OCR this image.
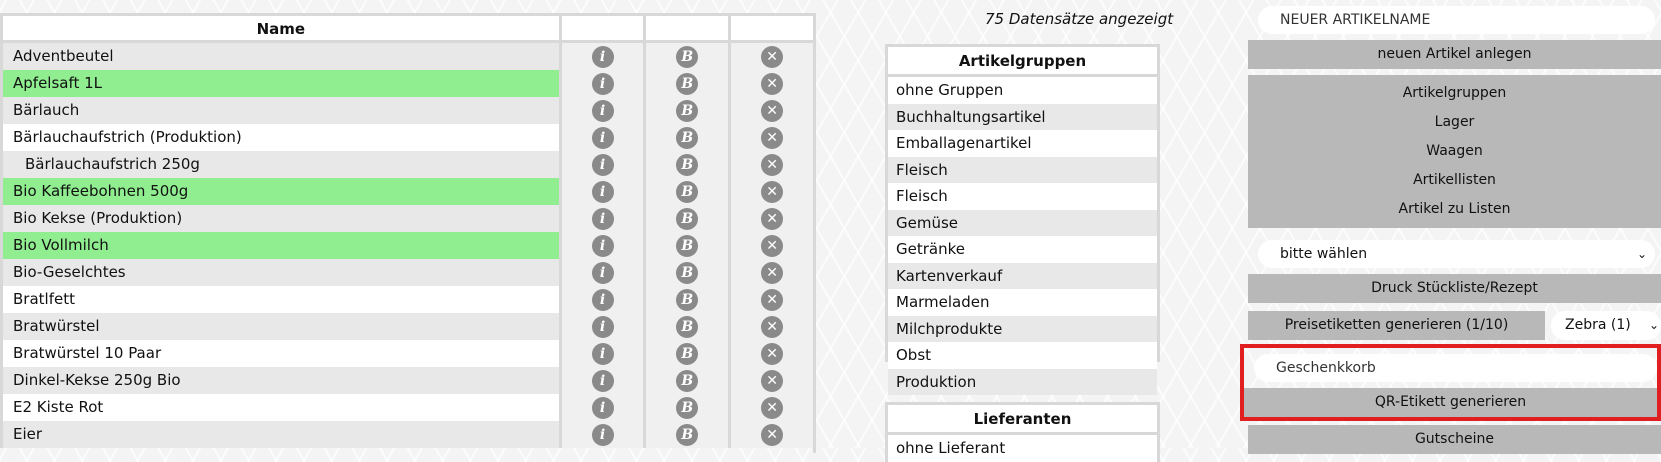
Name
Adventbeutel	i	B	✕
Apfelsaft 1L	i	B	✕
Bärlauch	i	B	✕
Bärlauchaufstrich (Produktion)	i	B	✕
Bärlauchaufstrich 250g	i	B	✕
Bio Kaffeebohnen 500g	i	B	✕
Bio Kekse (Produktion)	i	B	✕
Bio Vollmilch	i	B	✕
Bio-Geselchtes	i	B	✕
Bratlfett	i	B	✕
Bratwürstel	i	B	✕
Bratwürstel 10 Paar	i	B	✕
Dinkel-Kekse 250g Bio	i	B	✕
E2 Kiste Rot	i	B	✕
Eier	i	B	✕
75 Datensätze angezeigt
Artikelgruppen
ohne Gruppen
Buchhaltungsartikel
Emballagenartikel
Fleisch
Fleisch
Gemüse
Getränke
Kartenverkauf
Marmeladen
Milchprodukte
Obst
Produktion
Lieferanten
ohne Lieferant
NEUER ARTIKELNAME
neuen Artikel anlegen
Artikelgruppen
Lager
Waagen
Artikellisten
Artikel zu Listen
bitte wählen	⌄
Druck Stückliste/Rezept
Preisetiketten generieren (1/10)	Zebra (1) ⌄
Geschenkkorb
QR-Etikett generieren
Gutscheine
